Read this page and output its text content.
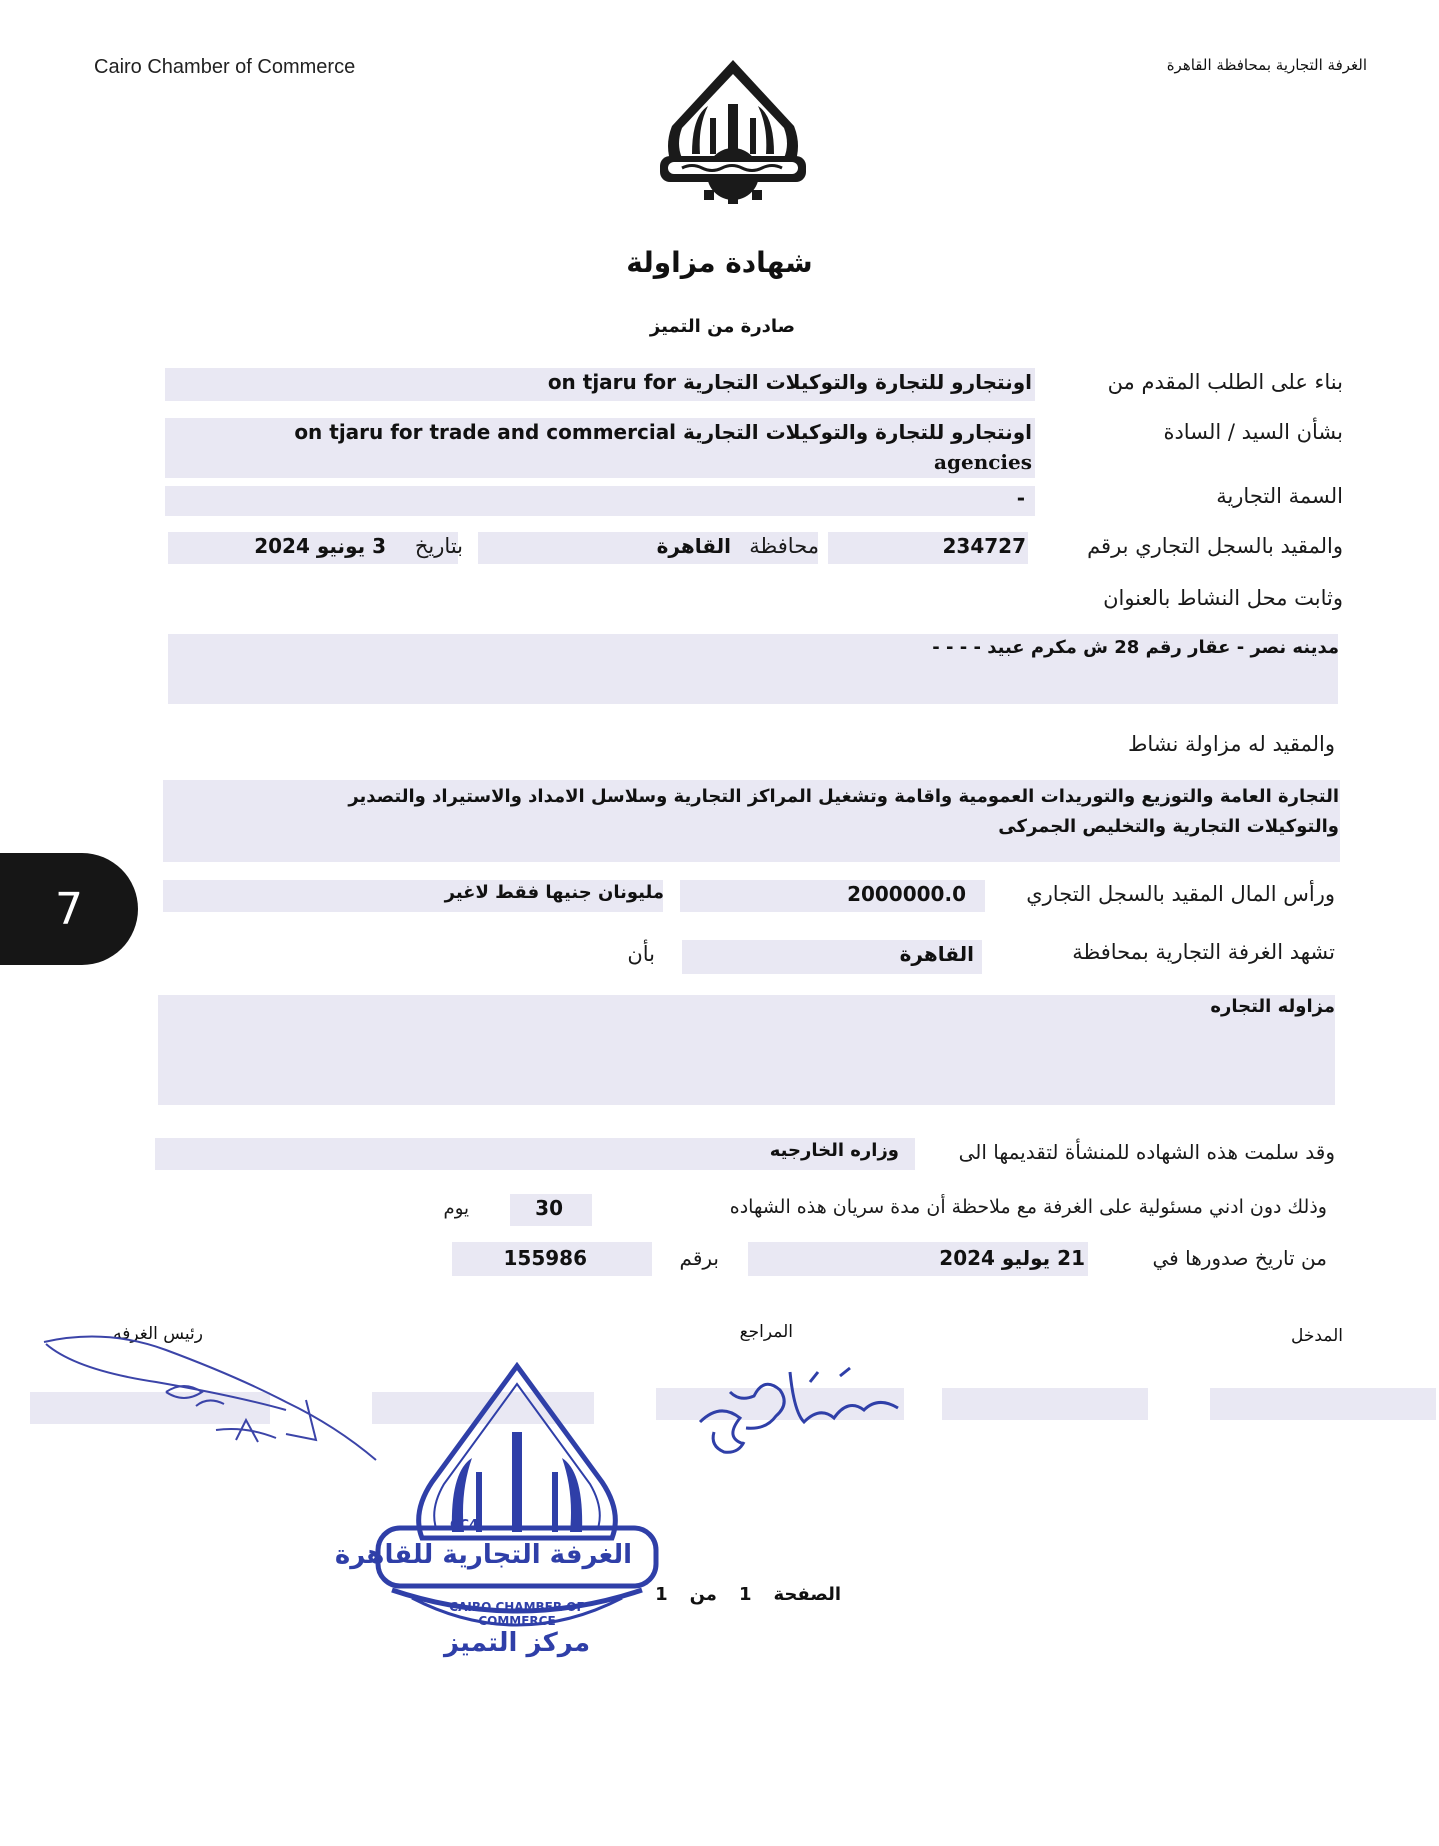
Cairo Chamber of Commerce	الغرفة التجارية بمحافظة القاهرة
شهادة مزاولة
صادرة من التميز
بناء على الطلب المقدم من
اونتجارو للتجارة والتوكيلات التجارية on tjaru for
بشأن السيد / السادة
اونتجارو للتجارة والتوكيلات التجارية on tjaru for trade and commercial
agencies
السمة التجارية
-
والمقيد بالسجل التجاري برقم
234727
محافظة
القاهرة
بتاريخ
3 يونيو 2024
وثابت محل النشاط بالعنوان
مدينه نصر - عقار رقم 28 ش مكرم عبيد - - - -
والمقيد له مزاولة نشاط
التجارة العامة والتوزيع والتوريدات العمومية واقامة وتشغيل المراكز التجارية وسلاسل الامداد والاستيراد والتصدير
والتوكيلات التجارية والتخليص الجمركى
ورأس المال المقيد بالسجل التجاري
2000000.0
مليونان جنيها فقط لاغير
تشهد الغرفة التجارية بمحافظة
القاهرة
بأن
مزاوله التجاره
وقد سلمت هذه الشهاده للمنشأة لتقديمها الى
وزاره الخارجيه
وذلك دون ادني مسئولية على الغرفة مع ملاحظة أن مدة سريان هذه الشهاده
30
يوم
من تاريخ صدورها في
21 يوليو 2024
برقم
155986
المدخل
المراجع
رئيس الغرفه
CC4
الغرفة التجارية للقاهرة
CAIRO CHAMBER OF COMMERCE
مركز التميز
الصفحة
1
من
1
7
